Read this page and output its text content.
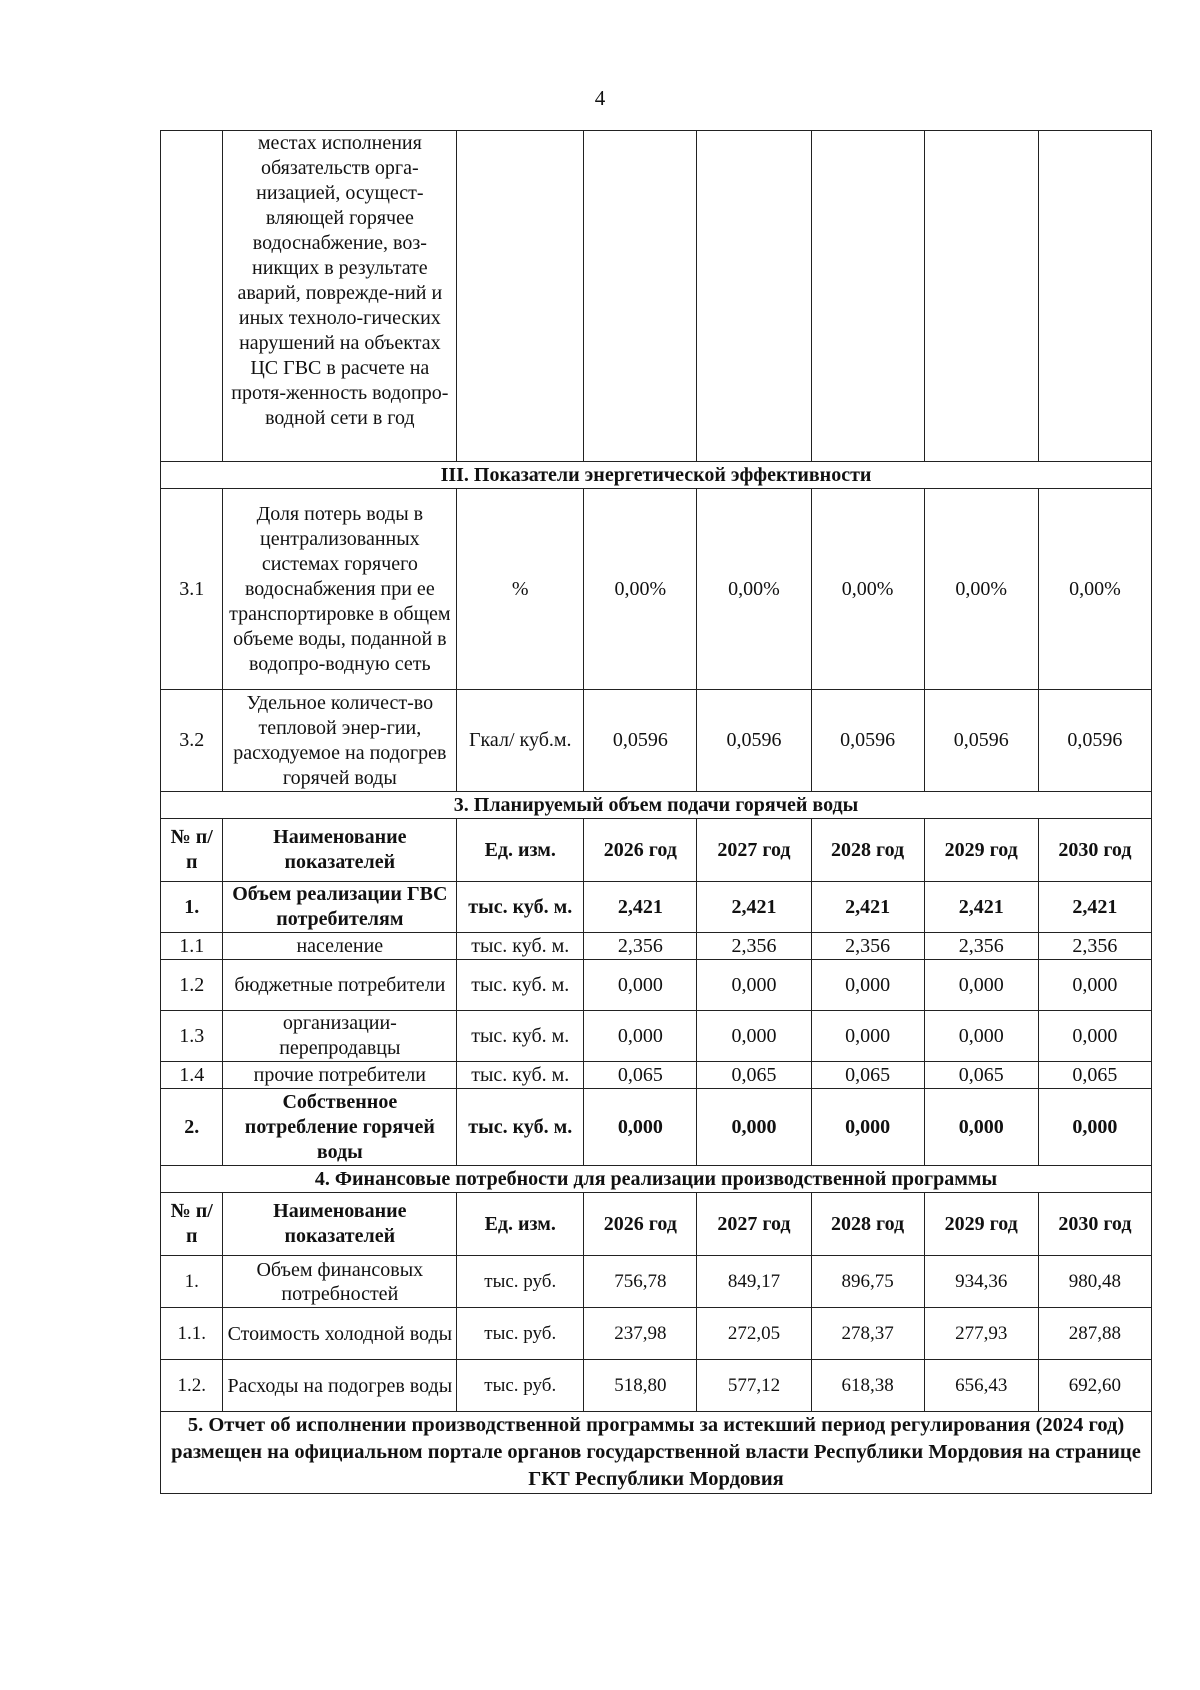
4
	местах исполнения обязательств орга-низацией, осущест-вляющей горячее водоснабжение, воз-никщих в результате аварий, повреждe-ний и иных техноло-гических нарушений на объектах ЦС ГВС в расчете на протя-женность водопро-водной сети в год						
III. Показатели энергетической эффективности							
3.1	Доля потерь воды в централизованных системах горячего водоснабжения при ее транспортировке в общем объеме воды, поданной в водопро-водную сеть	%	0,00%	0,00%	0,00%	0,00%	0,00%
3.2	Удельное количест-во тепловой энер-гии, расходуемое на подогрев горячей воды	Гкал/ куб.м.	0,0596	0,0596	0,0596	0,0596	0,0596
3. Планируемый объем подачи горячей воды							
№ п/п	Наименование показателей	Ед. изм.	2026 год	2027 год	2028 год	2029 год	2030 год
1.	Объем реализации ГВС потребителям	тыс. куб. м.	2,421	2,421	2,421	2,421	2,421
1.1	население	тыс. куб. м.	2,356	2,356	2,356	2,356	2,356
1.2	бюджетные потребители	тыс. куб. м.	0,000	0,000	0,000	0,000	0,000
1.3	организации-перепродавцы	тыс. куб. м.	0,000	0,000	0,000	0,000	0,000
1.4	прочие потребители	тыс. куб. м.	0,065	0,065	0,065	0,065	0,065
2.	Собственное потребление горячей воды	тыс. куб. м.	0,000	0,000	0,000	0,000	0,000
4. Финансовые потребности для реализации производственной программы							
№ п/п	Наименование показателей	Ед. изм.	2026 год	2027 год	2028 год	2029 год	2030 год
1.	Объем финансовых потребностей	тыс. руб.	756,78	849,17	896,75	934,36	980,48
1.1.	Стоимость холодной воды	тыс. руб.	237,98	272,05	278,37	277,93	287,88
1.2.	Расходы на подогрев воды	тыс. руб.	518,80	577,12	618,38	656,43	692,60
5. Отчет об исполнении производственной программы за истекший период регулирования (2024 год) размещен на официальном портале органов государственной власти Республики Мордовия на странице ГКТ Республики Мордовия							
